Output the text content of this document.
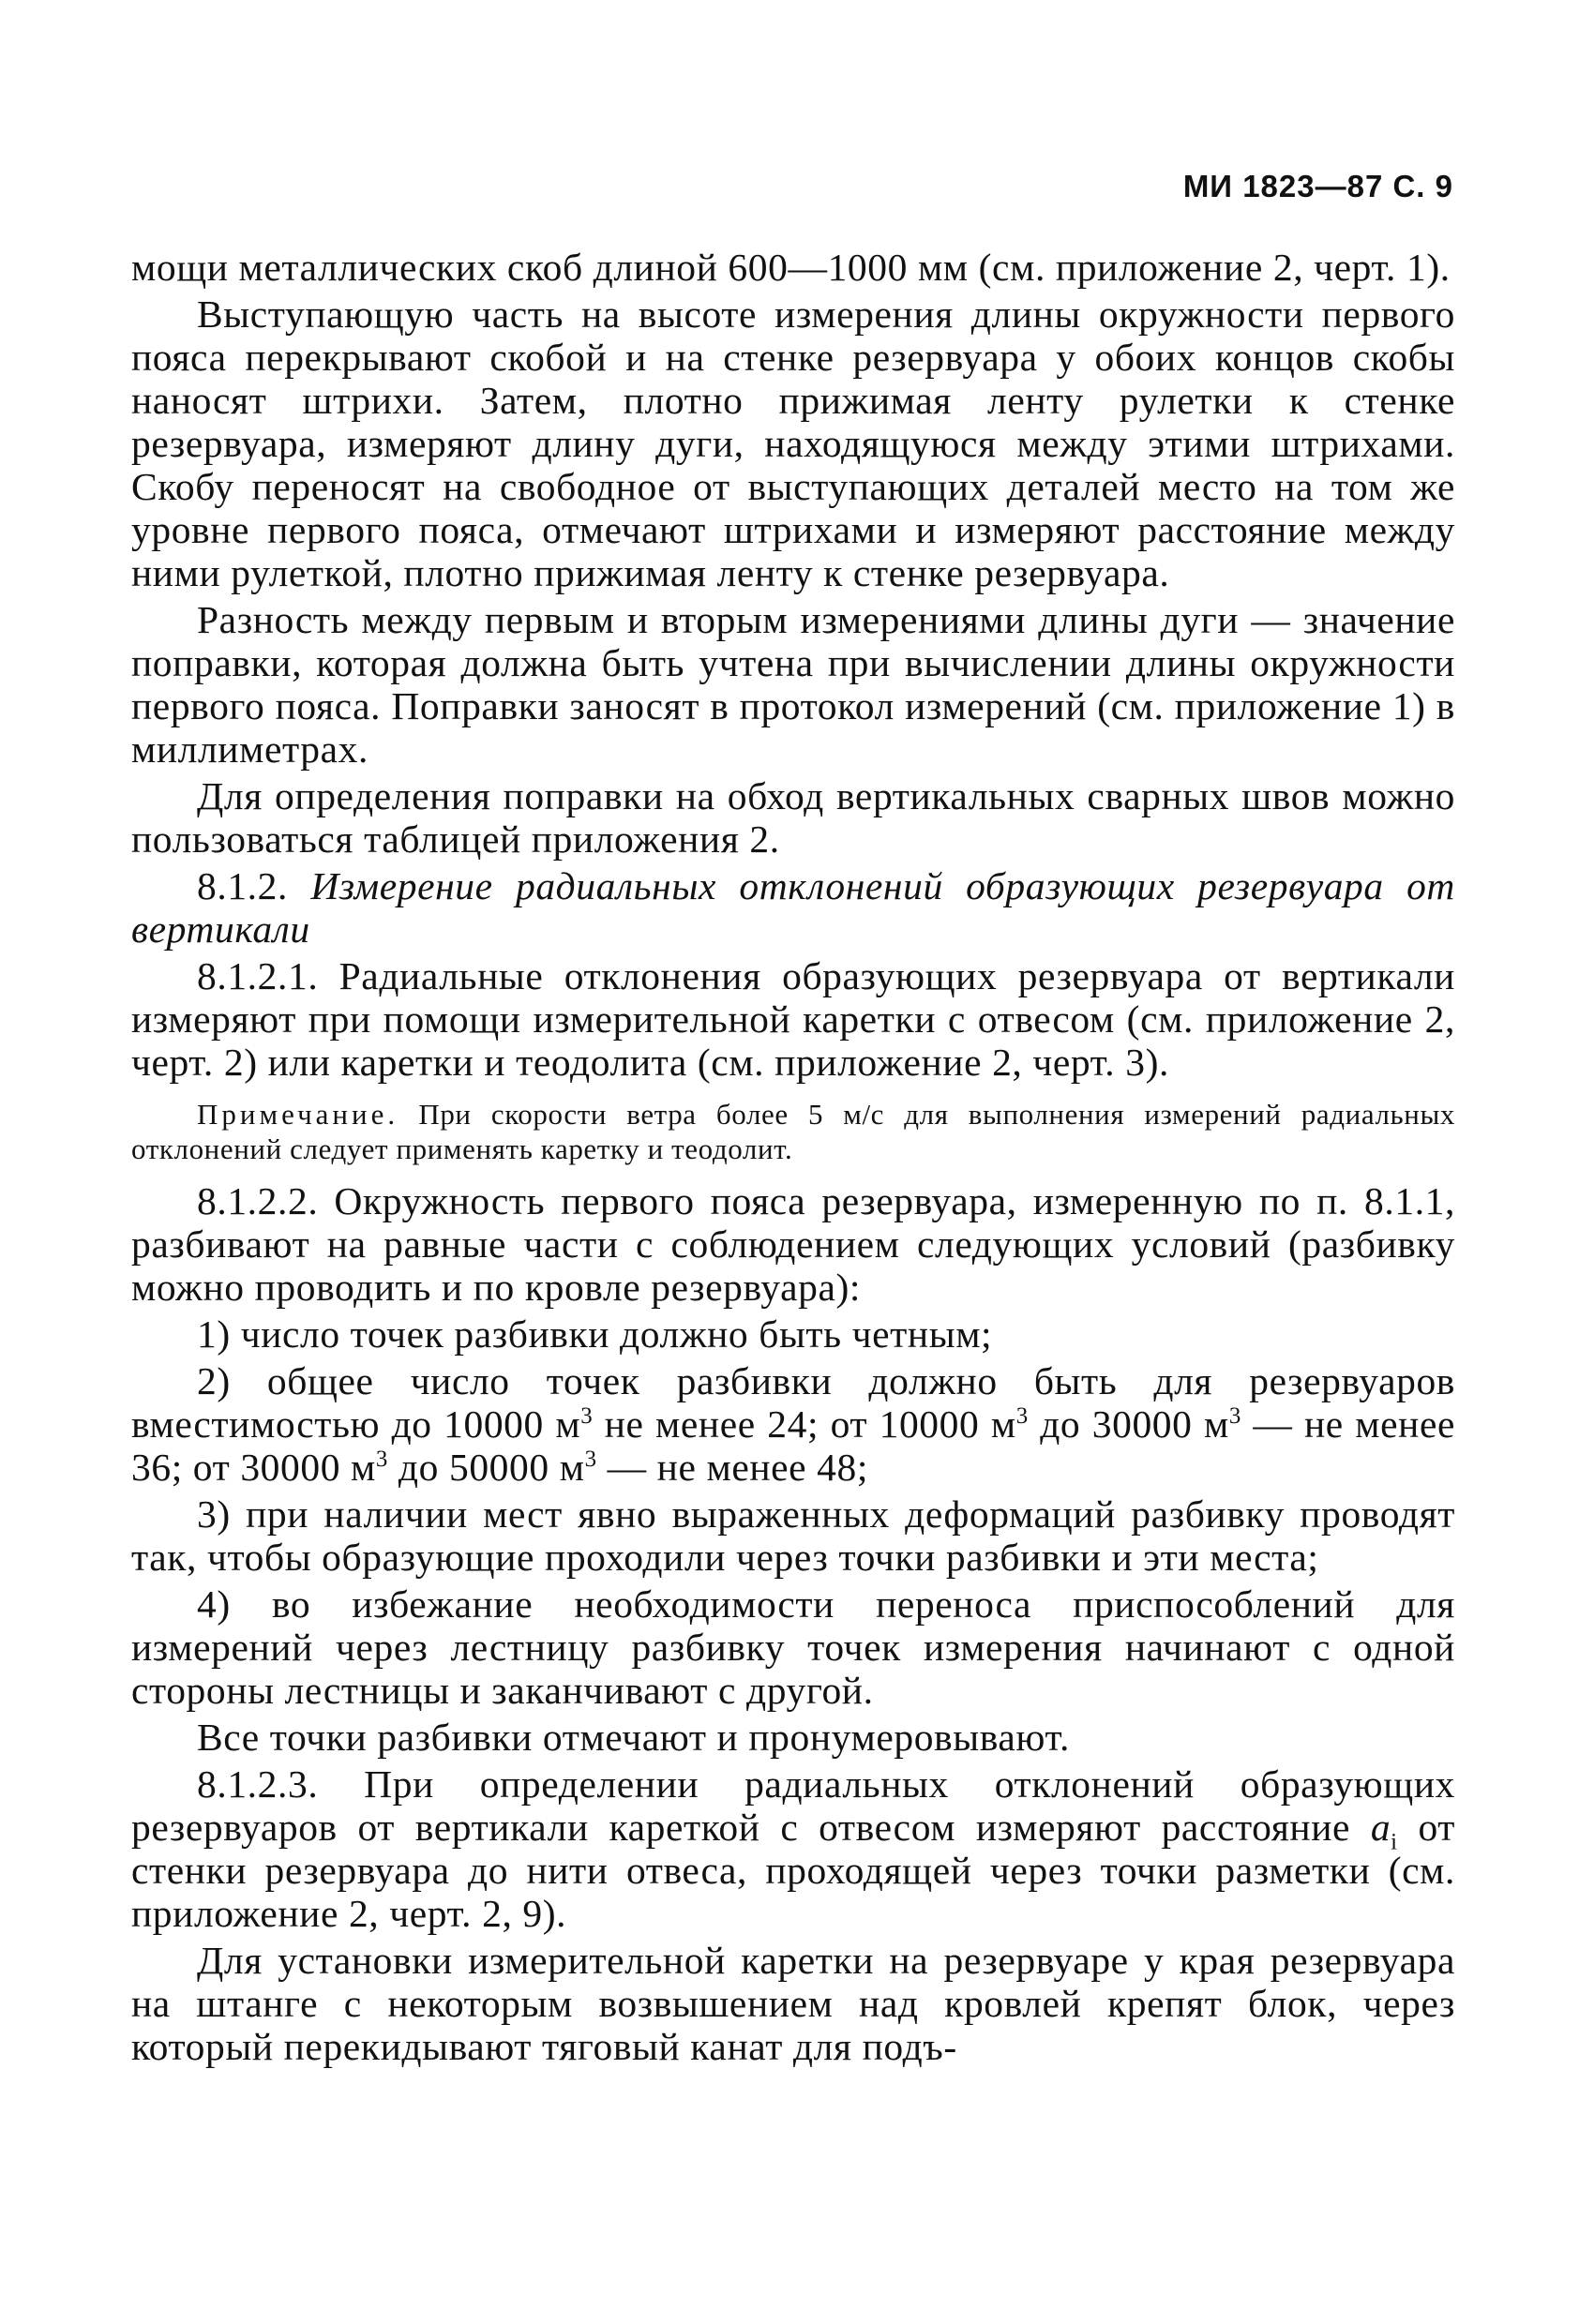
МИ 1823—87 С. 9

мощи металлических скоб длиной 600—1000 мм (см. приложение 2, черт. 1).

Выступающую часть на высоте измерения длины окружности первого пояса перекрывают скобой и на стенке резервуара у обоих концов скобы наносят штрихи. Затем, плотно прижимая ленту рулетки к стенке резервуара, измеряют длину дуги, находящуюся между этими штрихами. Скобу переносят на свободное от выступающих деталей место на том же уровне первого пояса, отмечают штрихами и измеряют расстояние между ними рулеткой, плотно прижимая ленту к стенке резервуара.

Разность между первым и вторым измерениями длины дуги — значение поправки, которая должна быть учтена при вычислении длины окружности первого пояса. Поправки заносят в протокол измерений (см. приложение 1) в миллиметрах.

Для определения поправки на обход вертикальных сварных швов можно пользоваться таблицей приложения 2.

8.1.2. Измерение радиальных отклонений образующих резервуара от вертикали

8.1.2.1. Радиальные отклонения образующих резервуара от вертикали измеряют при помощи измерительной каретки с отвесом (см. приложение 2, черт. 2) или каретки и теодолита (см. приложение 2, черт. 3).

Примечание. При скорости ветра более 5 м/с для выполнения измерений радиальных отклонений следует применять каретку и теодолит.

8.1.2.2. Окружность первого пояса резервуара, измеренную по п. 8.1.1, разбивают на равные части с соблюдением следующих условий (разбивку можно проводить и по кровле резервуара):

1) число точек разбивки должно быть четным;

2) общее число точек разбивки должно быть для резервуаров вместимостью до 10000 $м^3$ не менее 24; от 10000 $м^3$ до 30000 $м^3$ — не менее 36; от 30000 $м^3$ до 50000 $м^3$ — не менее 48;

3) при наличии мест явно выраженных деформаций разбивку проводят так, чтобы образующие проходили через точки разбивки и эти места;

4) во избежание необходимости переноса приспособлений для измерений через лестницу разбивку точек измерения начинают с одной стороны лестницы и заканчивают с другой.

Все точки разбивки отмечают и пронумеровывают.

8.1.2.3. При определении радиальных отклонений образующих резервуаров от вертикали кареткой с отвесом измеряют расстояние $a_i$ от стенки резервуара до нити отвеса, проходящей через точки разметки (см. приложение 2, черт. 2, 9).

Для установки измерительной каретки на резервуаре у края резервуара на штанге с некоторым возвышением над кровлей крепят блок, через который перекидывают тяговый канат для подъ-
